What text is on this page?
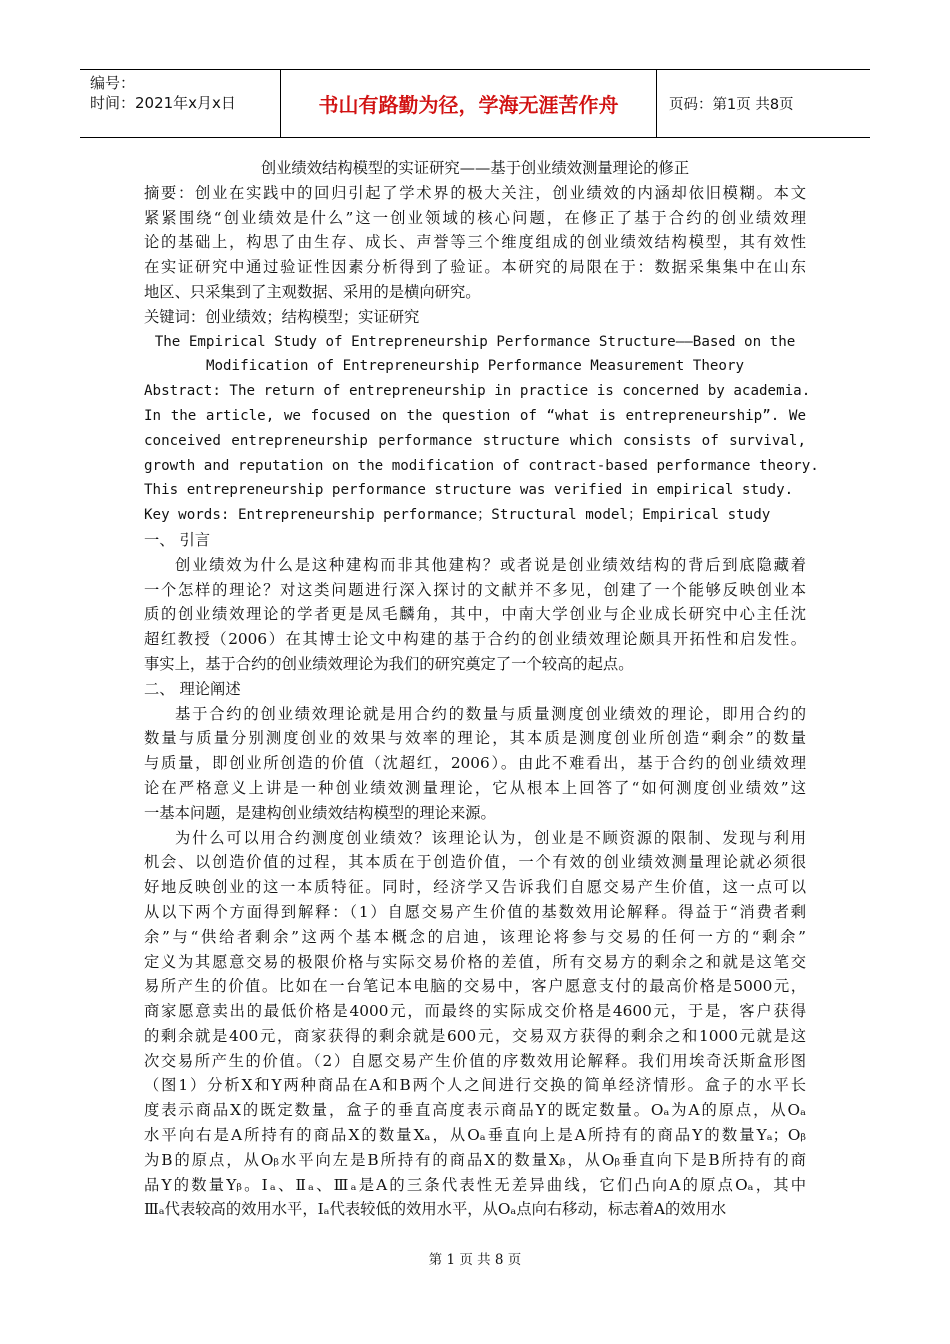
编号：
时间：2021年x月x日	书山有路勤为径，学海无涯苦作舟	页码：第1页 共8页
创业绩效结构模型的实证研究——基于创业绩效测量理论的修正
摘要：创业在实践中的回归引起了学术界的极大关注，创业绩效的内涵却依旧模糊。本文
紧紧围绕“创业绩效是什么”这一创业领域的核心问题，在修正了基于合约的创业绩效理
论的基础上，构思了由生存、成长、声誉等三个维度组成的创业绩效结构模型，其有效性
在实证研究中通过验证性因素分析得到了验证。本研究的局限在于：数据采集集中在山东
地区、只采集到了主观数据、采用的是横向研究。
关键词：创业绩效；结构模型；实证研究
The Empirical Study of Entrepreneurship Performance Structure——Based on the
Modification of Entrepreneurship Performance Measurement Theory
Abstract: The return of entrepreneurship in practice is concerned by academia.
In the article, we focused on the question of “what is entrepreneurship”. We
conceived entrepreneurship performance structure which consists of survival,
growth and reputation on the modification of contract-based performance theory.
This entrepreneurship performance structure was verified in empirical study.
Key words: Entrepreneurship performance；Structural model；Empirical study
一、 引言
创业绩效为什么是这种建构而非其他建构？或者说是创业绩效结构的背后到底隐藏着
一个怎样的理论？对这类问题进行深入探讨的文献并不多见，创建了一个能够反映创业本
质的创业绩效理论的学者更是凤毛麟角，其中，中南大学创业与企业成长研究中心主任沈
超红教授（2006）在其博士论文中构建的基于合约的创业绩效理论颇具开拓性和启发性。
事实上，基于合约的创业绩效理论为我们的研究奠定了一个较高的起点。
二、 理论阐述
基于合约的创业绩效理论就是用合约的数量与质量测度创业绩效的理论，即用合约的
数量与质量分别测度创业的效果与效率的理论，其本质是测度创业所创造“剩余”的数量
与质量，即创业所创造的价值（沈超红，2006）。由此不难看出，基于合约的创业绩效理
论在严格意义上讲是一种创业绩效测量理论，它从根本上回答了“如何测度创业绩效”这
一基本问题，是建构创业绩效结构模型的理论来源。
为什么可以用合约测度创业绩效？该理论认为，创业是不顾资源的限制、发现与利用
机会、以创造价值的过程，其本质在于创造价值，一个有效的创业绩效测量理论就必须很
好地反映创业的这一本质特征。同时，经济学又告诉我们自愿交易产生价值，这一点可以
从以下两个方面得到解释：（1）自愿交易产生价值的基数效用论解释。得益于“消费者剩
余”与“供给者剩余”这两个基本概念的启迪，该理论将参与交易的任何一方的“剩余”
定义为其愿意交易的极限价格与实际交易价格的差值，所有交易方的剩余之和就是这笔交
易所产生的价值。比如在一台笔记本电脑的交易中，客户愿意支付的最高价格是5000元，
商家愿意卖出的最低价格是4000元，而最终的实际成交价格是4600元，于是，客户获得
的剩余就是400元，商家获得的剩余就是600元，交易双方获得的剩余之和1000元就是这
次交易所产生的价值。（2）自愿交易产生价值的序数效用论解释。我们用埃奇沃斯盒形图
（图1）分析X和Y两种商品在A和B两个人之间进行交换的简单经济情形。盒子的水平长
度表示商品X的既定数量，盒子的垂直高度表示商品Y的既定数量。Oₐ为A的原点，从Oₐ
水平向右是A所持有的商品X的数量Xₐ，从Oₐ垂直向上是A所持有的商品Y的数量Yₐ；Oᵦ
为B的原点，从Oᵦ水平向左是B所持有的商品X的数量Xᵦ，从Oᵦ垂直向下是B所持有的商
品Y的数量Yᵦ。Ⅰₐ、Ⅱₐ、Ⅲₐ是A的三条代表性无差异曲线，它们凸向A的原点Oₐ，其中
Ⅲₐ代表较高的效用水平，Ⅰₐ代表较低的效用水平，从Oₐ点向右移动，标志着A的效用水
第 1 页 共 8 页
